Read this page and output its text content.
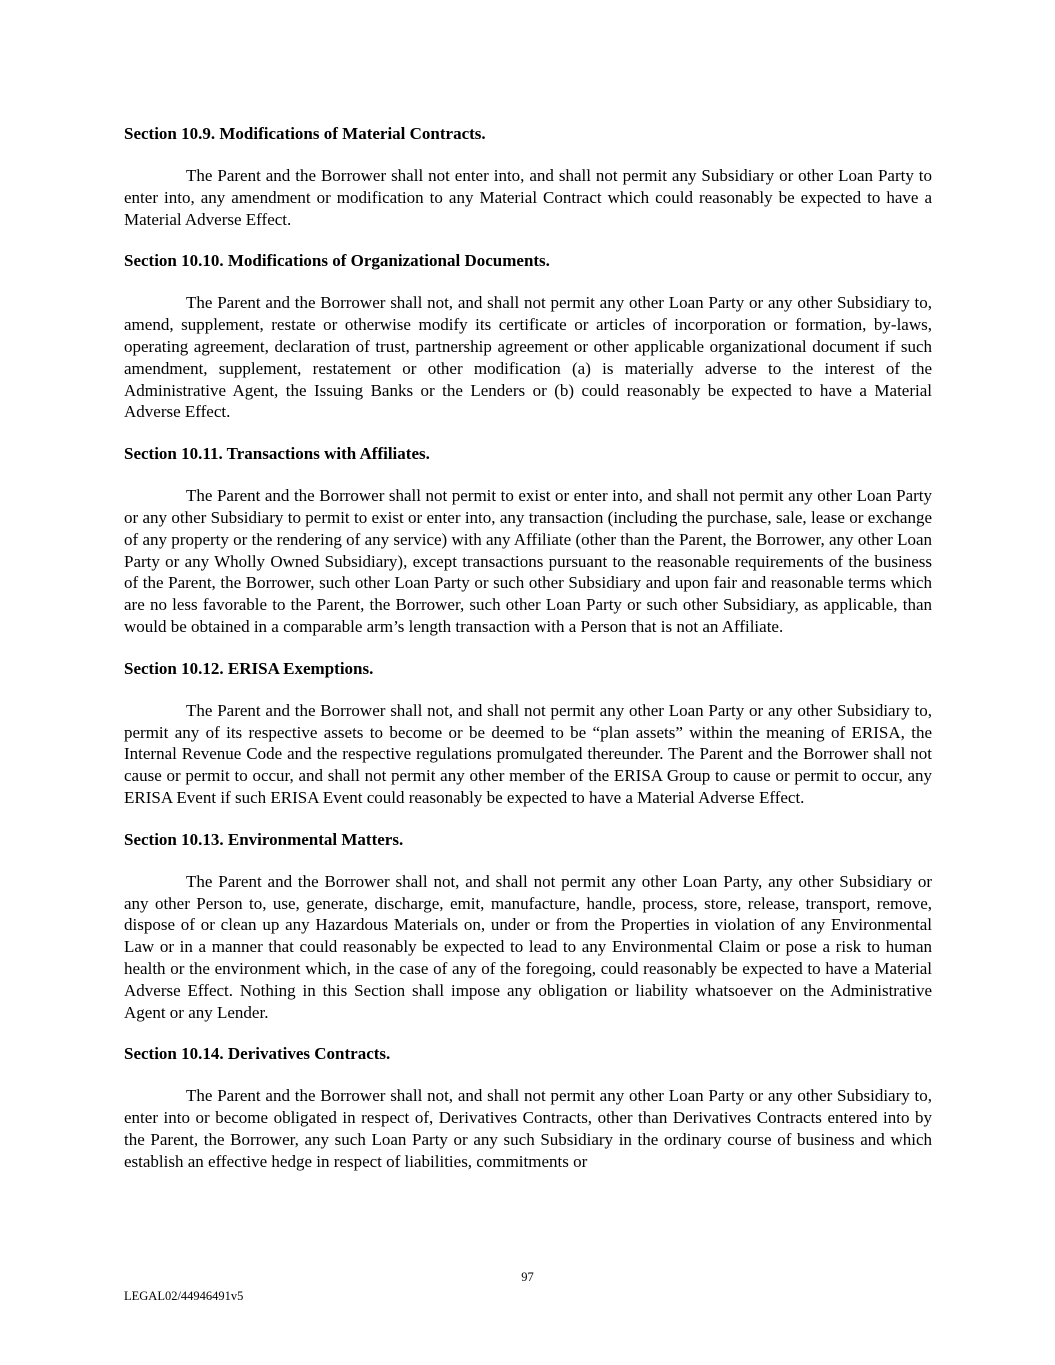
Section 10.9. Modifications of Material Contracts.

The Parent and the Borrower shall not enter into, and shall not permit any Subsidiary or other Loan Party to enter into, any amendment or modification to any Material Contract which could reasonably be expected to have a Material Adverse Effect.

Section 10.10. Modifications of Organizational Documents.

The Parent and the Borrower shall not, and shall not permit any other Loan Party or any other Subsidiary to, amend, supplement, restate or otherwise modify its certificate or articles of incorporation or formation, by-laws, operating agreement, declaration of trust, partnership agreement or other applicable organizational document if such amendment, supplement, restatement or other modification (a) is materially adverse to the interest of the Administrative Agent, the Issuing Banks or the Lenders or (b) could reasonably be expected to have a Material Adverse Effect.

Section 10.11. Transactions with Affiliates.

The Parent and the Borrower shall not permit to exist or enter into, and shall not permit any other Loan Party or any other Subsidiary to permit to exist or enter into, any transaction (including the purchase, sale, lease or exchange of any property or the rendering of any service) with any Affiliate (other than the Parent, the Borrower, any other Loan Party or any Wholly Owned Subsidiary), except transactions pursuant to the reasonable requirements of the business of the Parent, the Borrower, such other Loan Party or such other Subsidiary and upon fair and reasonable terms which are no less favorable to the Parent, the Borrower, such other Loan Party or such other Subsidiary, as applicable, than would be obtained in a comparable arm’s length transaction with a Person that is not an Affiliate.

Section 10.12. ERISA Exemptions.

The Parent and the Borrower shall not, and shall not permit any other Loan Party or any other Subsidiary to, permit any of its respective assets to become or be deemed to be “plan assets” within the meaning of ERISA, the Internal Revenue Code and the respective regulations promulgated thereunder. The Parent and the Borrower shall not cause or permit to occur, and shall not permit any other member of the ERISA Group to cause or permit to occur, any ERISA Event if such ERISA Event could reasonably be expected to have a Material Adverse Effect.

Section 10.13. Environmental Matters.

The Parent and the Borrower shall not, and shall not permit any other Loan Party, any other Subsidiary or any other Person to, use, generate, discharge, emit, manufacture, handle, process, store, release, transport, remove, dispose of or clean up any Hazardous Materials on, under or from the Properties in violation of any Environmental Law or in a manner that could reasonably be expected to lead to any Environmental Claim or pose a risk to human health or the environment which, in the case of any of the foregoing, could reasonably be expected to have a Material Adverse Effect. Nothing in this Section shall impose any obligation or liability whatsoever on the Administrative Agent or any Lender.

Section 10.14. Derivatives Contracts.

The Parent and the Borrower shall not, and shall not permit any other Loan Party or any other Subsidiary to, enter into or become obligated in respect of, Derivatives Contracts, other than Derivatives Contracts entered into by the Parent, the Borrower, any such Loan Party or any such Subsidiary in the ordinary course of business and which establish an effective hedge in respect of liabilities, commitments or

97
LEGAL02/44946491v5
